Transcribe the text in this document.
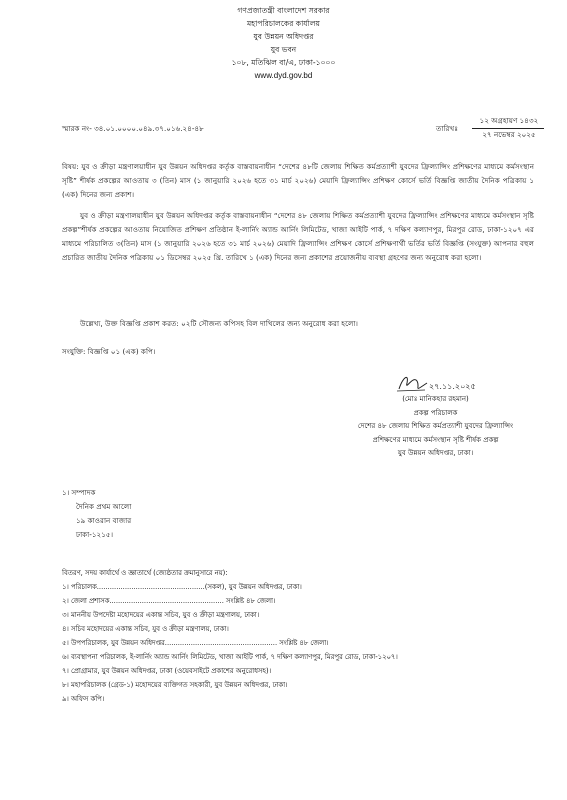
গণপ্রজাতন্ত্রী বাংলাদেশ সরকার
মহাপরিচালকের কার্যালয়
যুব উন্নয়ন অধিদপ্তর
যুব ভবন
১০৮, মতিঝিল বা/এ, ঢাকা-১০০০
www.dyd.gov.bd
স্মারক নং- ৩৪.০১.০০০০.০৪৯.৩৭.০১৬.২৪-৪৮	তারিখঃ
১২ অগ্রহায়ণ ১৪৩২
২৭ নভেম্বর ২০২৫
বিষয়: যুব ও ক্রীড়া মন্ত্রণালয়াধীন যুব উন্নয়ন অধিদপ্তর কর্তৃক বাস্তবায়নাধীন “দেশের ৪৮টি জেলায় শিক্ষিত কর্মপ্রত্যাশী যুবদের ফ্রিল্যান্সিং প্রশিক্ষণের মাধ্যমে কর্মসংস্থান সৃষ্টি” শীর্ষক প্রকল্পের আওতায় ৩ (তিন) মাস (১ জানুয়ারি ২০২৬ হতে ৩১ মার্চ ২০২৬) মেয়াদি ফ্রিল্যান্সিং প্রশিক্ষণ কোর্সে ভর্তি বিজ্ঞপ্তি জাতীয় দৈনিক পত্রিকায় ১ (এক) দিনের জন্য প্রকাশ।
যুব ও ক্রীড়া মন্ত্রণালয়াধীন যুব উন্নয়ন অধিদপ্তর কর্তৃক বাস্তবায়নাধীন “দেশের ৪৮ জেলায় শিক্ষিত কর্মপ্রত্যাশী যুবদের ফ্রিল্যান্সিং প্রশিক্ষণের মাধ্যমে কর্মসংস্থান সৃষ্টি প্রকল্প”শীর্ষক প্রকল্পের আওতায় নিয়োজিত প্রশিক্ষণ প্রতিষ্ঠান ই-লার্নিং অ্যান্ড আর্নিং লিমিটেড, খাজা আইটি পার্ক, ৭ দক্ষিণ কল্যাণপুর, মিরপুর রোড, ঢাকা-১২০৭ এর মাধ্যমে পরিচালিত ৩(তিন) মাস (১ জানুয়ারি ২০২৬ হতে ৩১ মার্চ ২০২৬) মেয়াদি ফ্রিল্যান্সিং প্রশিক্ষণ কোর্সে প্রশিক্ষণার্থী ভর্তির ভর্তি বিজ্ঞপ্তি (সংযুক্ত) আপনার বহুল প্রচারিত জাতীয় দৈনিক পত্রিকায় ০১ ডিসেম্বর ২০২৫ খ্রি. তারিখে ১ (এক) দিনের জন্য প্রকাশের প্রয়োজনীয় ব্যবস্থা গ্রহণের জন্য অনুরোধ করা হলো।
উল্লেখ্য, উক্ত বিজ্ঞপ্তি প্রকাশ করত: ০২টি সৌজন্য কপিসহ বিল দাখিলের জন্য অনুরোধ করা হলো।
সংযুক্তি: বিজ্ঞপ্তি ০১ (এক) কপি।
২৭.১১.২০২৫
(মোঃ মানিকহার রহমান)
প্রকল্প পরিচালক
দেশের ৪৮ জেলায় শিক্ষিত কর্মপ্রত্যাশী যুবদের ফ্রিল্যান্সিং
প্রশিক্ষণের মাধ্যমে কর্মসংস্থান সৃষ্টি শীর্ষক প্রকল্প
যুব উন্নয়ন অধিদপ্তর, ঢাকা।
১। সম্পাদক
দৈনিক প্রথম আলো
১৯ কাওরান বাজার
ঢাকা-১২১৫।
বিতরণ, সদয় কার্যার্থে ও জ্ঞাতার্থে (জ্যেষ্ঠতার ক্রমানুসারে নয়):
১। পরিচালক..................................................(সকল), যুব উন্নয়ন অধিদপ্তর, ঢাকা।
২। জেলা প্রশাসক..................................................... সংশ্লিষ্ট ৪৮ জেলা।
৩। মাননীয় উপদেষ্টা মহোদয়ের একান্ত সচিব, যুব ও ক্রীড়া মন্ত্রণালয়, ঢাকা।
৪। সচিব মহোদয়ের একান্ত সচিব, যুব ও ক্রীড়া মন্ত্রণালয়, ঢাকা।
৫। উপপরিচালক, যুব উন্নয়ন অধিদপ্তর.................................................... সংশ্লিষ্ট ৪৮ জেলা।
৬। ব্যবস্থাপনা পরিচালক, ই-লার্নিং অ্যান্ড আর্নিং লিমিটেড, খাজা আইটি পার্ক, ৭ দক্ষিণ কল্যাণপুর, মিরপুর রোড, ঢাকা-১২০৭।
৭। প্রোগ্রামার, যুব উন্নয়ন অধিদপ্তর, ঢাকা (ওয়েবসাইটে প্রকাশের অনুরোধসহ)।
৮। মহাপরিচালক (গ্রেড-১) মহোদয়ের ব্যক্তিগত সহকারী, যুব উন্নয়ন অধিদপ্তর, ঢাকা।
৯। অফিস কপি।
